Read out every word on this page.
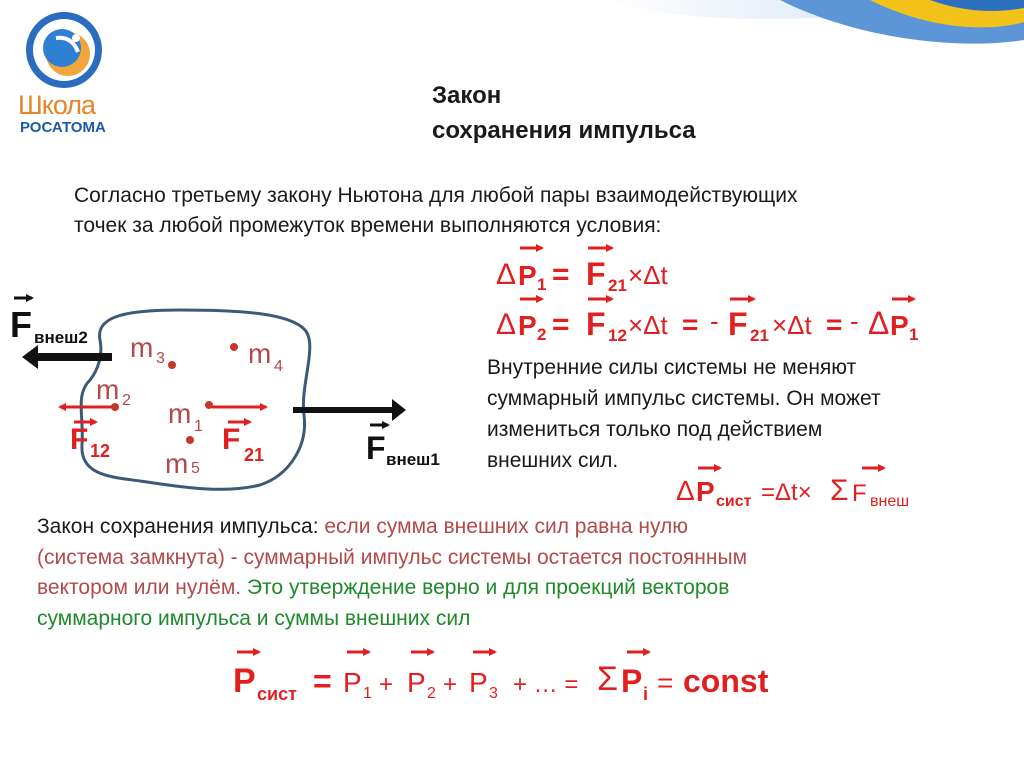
Школа
РОСАТОМА
Закон
сохранения импульса
Согласно третьему закону Ньютона для любой пары взаимодействующих
точек за любой промежуток времени выполняются условия:
Δ P 1 = F 21 ×Δt
Δ P 2 = F 12 ×Δt = - F 21 ×Δt = - Δ P 1
F внеш2
F внеш1
m 3	m 4
m 2 m 1
m 5
F 12	F 21
Внутренние силы системы не меняют
суммарный импульс системы. Он может
измениться только под действием
внешних сил.
Δ P сист =Δt× Σ F внеш
Закон сохранения импульса: если сумма внешних сил равна нулю
(система замкнута) - суммарный импульс системы остается постоянным
вектором или нулём. Это утверждение верно и для проекций векторов
суммарного импульса и суммы внешних сил
P сист = P 1 + P 2 + P 3 + … = Σ P i = const
